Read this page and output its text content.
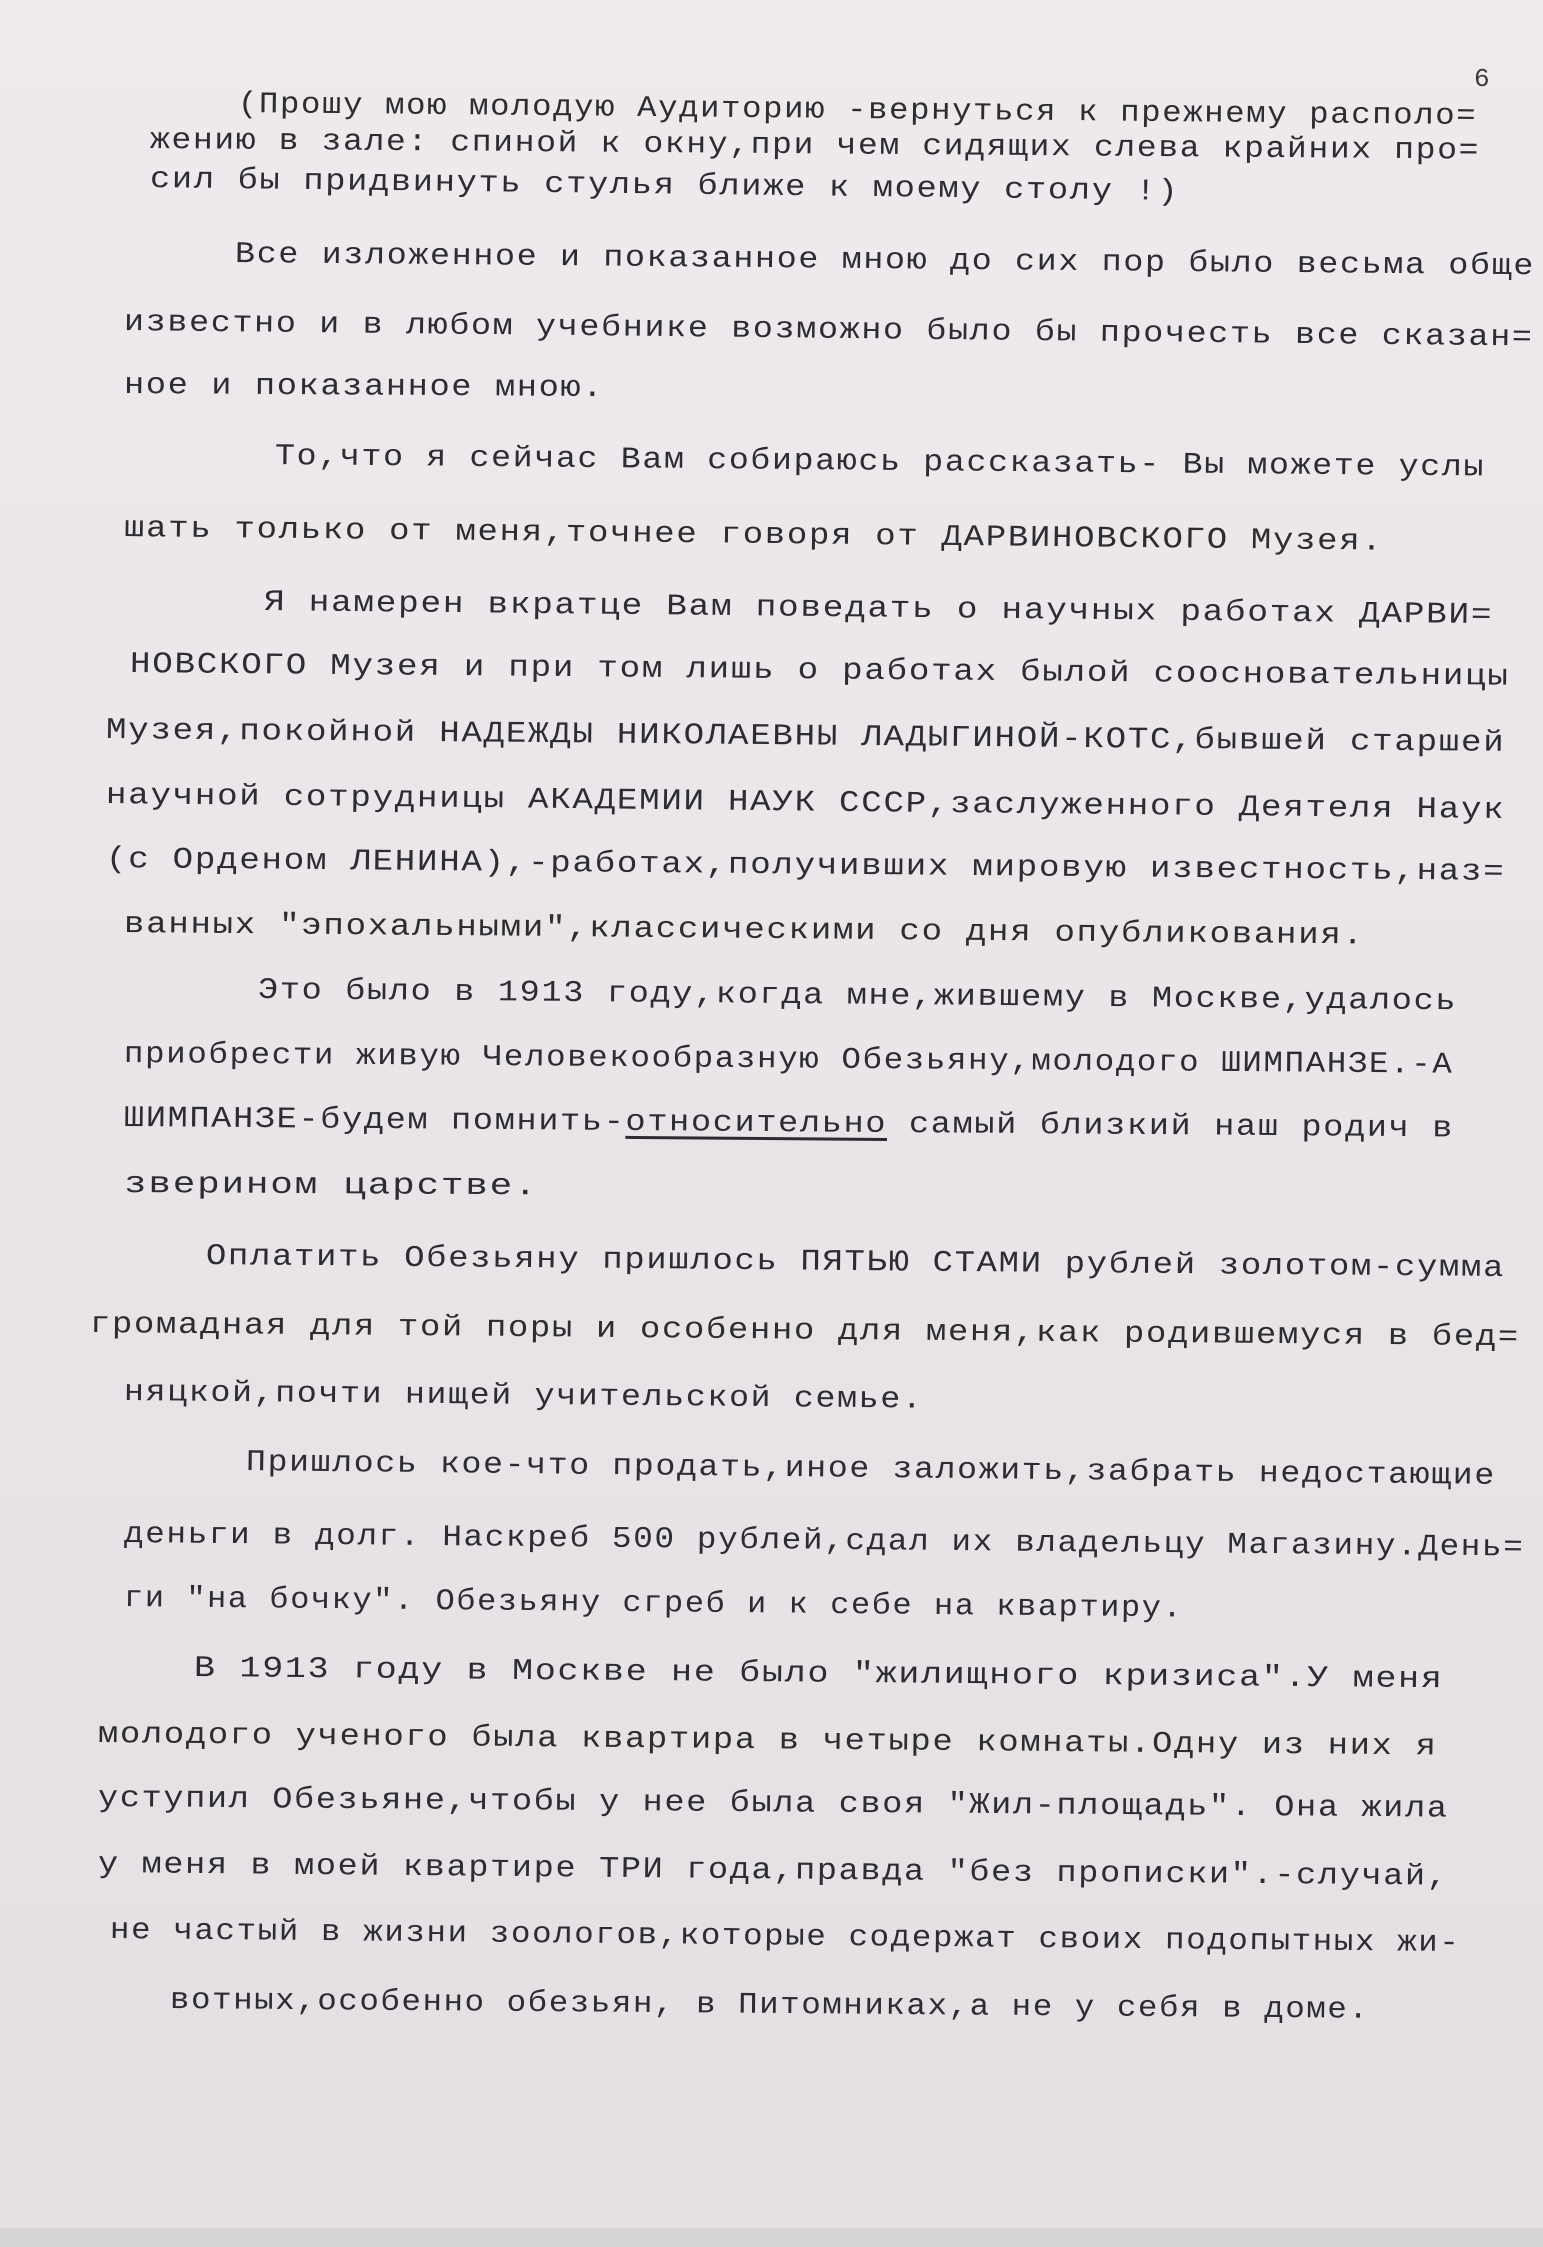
6
(Прошу мою молодую Аудиторию -вернуться к прежнему располо=
жению в зале: спиной к окну,при чем сидящих слева крайних про=
сил бы придвинуть стулья ближе к моему столу !)
Все изложенное и показанное мною до сих пор было весьма обще
известно и в любом учебнике возможно было бы прочесть все сказан=
ное и показанное мною.
То,что я сейчас Вам собираюсь рассказать- Вы можете услы
шать только от меня,точнее говоря от ДАРВИНОВСКОГО Музея.
Я намерен вкратце Вам поведать о научных работах ДАРВИ=
НОВСКОГО Музея и при том лишь о работах былой соосновательницы
Музея,покойной НАДЕЖДЫ НИКОЛАЕВНЫ ЛАДЫГИНОЙ-КОТС,бывшей старшей
научной сотрудницы АКАДЕМИИ НАУК СССР,заслуженного Деятеля Наук
(с Орденом ЛЕНИНА),-работах,получивших мировую известность,наз=
ванных "эпохальными",классическими со дня опубликования.
Это было в 1913 году,когда мне,жившему в Москве,удалось
приобрести живую Человекообразную Обезьяну,молодого ШИМПАНЗЕ.-А
ШИМПАНЗЕ-будем помнить-относительно самый близкий наш родич в
зверином царстве.
Оплатить Обезьяну пришлось ПЯТЬЮ СТАМИ рублей золотом-сумма
громадная для той поры и особенно для меня,как родившемуся в бед=
няцкой,почти нищей учительской семье.
Пришлось кое-что продать,иное заложить,забрать недостающие
деньги в долг. Наскреб 500 рублей,сдал их владельцу Магазину.День=
ги "на бочку". Обезьяну сгреб и к себе на квартиру.
В 1913 году в Москве не было "жилищного кризиса".У меня
молодого ученого была квартира в четыре комнаты.Одну из них я
уступил Обезьяне,чтобы у нее была своя "Жил-площадь". Она жила
у меня в моей квартире ТРИ года,правда "без прописки".-случай,
не частый в жизни зоологов,которые содержат своих подопытных жи-
вотных,особенно обезьян, в Питомниках,а не у себя в доме.
